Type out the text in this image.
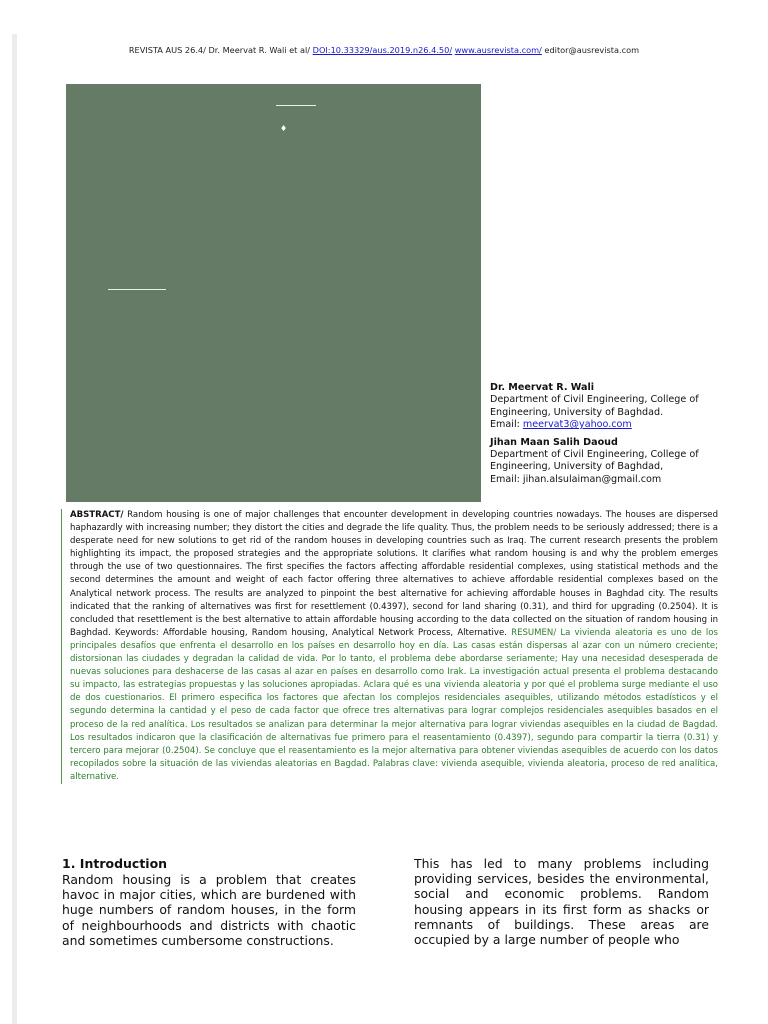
REVISTA AUS 26.4/ Dr. Meervat R. Wali et al/ DOI:10.33329/aus.2019.n26.4.50/ www.ausrevista.com/ editor@ausrevista.com
♦
Dr. Meervat R. Wali
Department of Civil Engineering, College of Engineering, University of Baghdad.
Email: meervat3@yahoo.com
Jihan Maan Salih Daoud
Department of Civil Engineering, College of Engineering, University of Baghdad,
Email: jihan.alsulaiman@gmail.com
ABSTRACT/ Random housing is one of major challenges that encounter development in developing countries nowadays. The houses are dispersed haphazardly with increasing number; they distort the cities and degrade the life quality. Thus, the problem needs to be seriously addressed; there is a desperate need for new solutions to get rid of the random houses in developing countries such as Iraq. The current research presents the problem highlighting its impact, the proposed strategies and the appropriate solutions. It clarifies what random housing is and why the problem emerges through the use of two questionnaires. The first specifies the factors affecting affordable residential complexes, using statistical methods and the second determines the amount and weight of each factor offering three alternatives to achieve affordable residential complexes based on the Analytical network process. The results are analyzed to pinpoint the best alternative for achieving affordable houses in Baghdad city. The results indicated that the ranking of alternatives was first for resettlement (0.4397), second for land sharing (0.31), and third for upgrading (0.2504). It is concluded that resettlement is the best alternative to attain affordable housing according to the data collected on the situation of random housing in Baghdad. Keywords: Affordable housing, Random housing, Analytical Network Process, Alternative. RESUMEN/ La vivienda aleatoria es uno de los principales desafíos que enfrenta el desarrollo en los países en desarrollo hoy en día. Las casas están dispersas al azar con un número creciente; distorsionan las ciudades y degradan la calidad de vida. Por lo tanto, el problema debe abordarse seriamente; Hay una necesidad desesperada de nuevas soluciones para deshacerse de las casas al azar en países en desarrollo como Irak. La investigación actual presenta el problema destacando su impacto, las estrategias propuestas y las soluciones apropiadas. Aclara qué es una vivienda aleatoria y por qué el problema surge mediante el uso de dos cuestionarios. El primero especifica los factores que afectan los complejos residenciales asequibles, utilizando métodos estadísticos y el segundo determina la cantidad y el peso de cada factor que ofrece tres alternativas para lograr complejos residenciales asequibles basados en el proceso de la red analítica. Los resultados se analizan para determinar la mejor alternativa para lograr viviendas asequibles en la ciudad de Bagdad. Los resultados indicaron que la clasificación de alternativas fue primero para el reasentamiento (0.4397), segundo para compartir la tierra (0.31) y tercero para mejorar (0.2504). Se concluye que el reasentamiento es la mejor alternativa para obtener viviendas asequibles de acuerdo con los datos recopilados sobre la situación de las viviendas aleatorias en Bagdad. Palabras clave: vivienda asequible, vivienda aleatoria, proceso de red analítica, alternative.
1. Introduction
Random housing is a problem that creates havoc in major cities, which are burdened with huge numbers of random houses, in the form of neighbourhoods and districts with chaotic and sometimes cumbersome constructions.
This has led to many problems including providing services, besides the environmental, social and economic problems. Random housing appears in its first form as shacks or remnants of buildings. These areas are occupied by a large number of people who
